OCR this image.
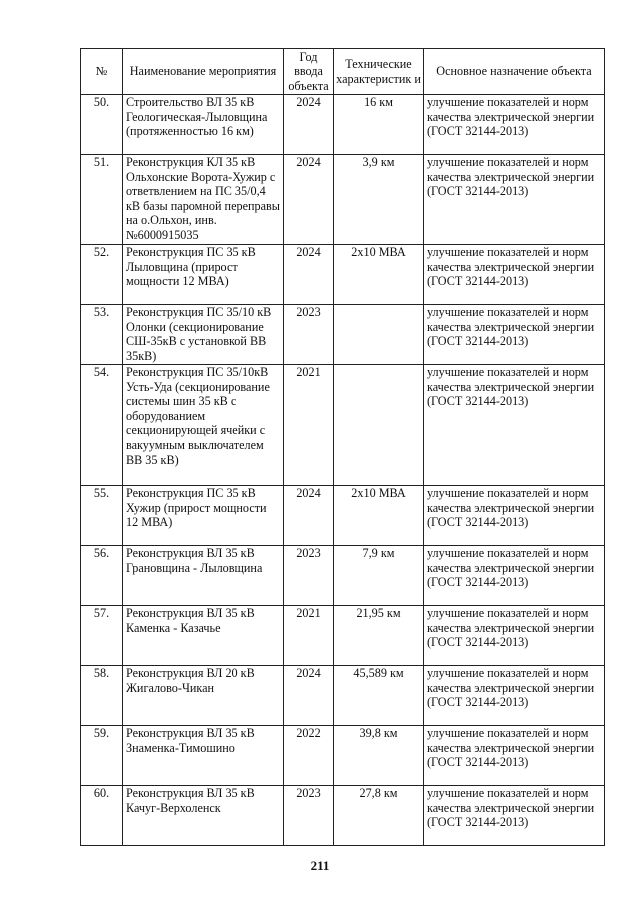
№	Наименование мероприятия	Год ввода объекта	Технические характеристик и	Основное назначение объекта
50.	Строительство ВЛ 35 кВ Геологическая-Лыловщина (протяженностью 16 км)	2024	16 км	улучшение показателей и норм качества электрической энергии (ГОСТ 32144-2013)
51.	Реконструкция КЛ 35 кВ Ольхонские Ворота-Хужир с ответвлением на ПС 35/0,4 кВ базы паромной переправы на о.Ольхон, инв. №6000915035	2024	3,9 км	улучшение показателей и норм качества электрической энергии (ГОСТ 32144-2013)
52.	Реконструкция ПС 35 кВ Лыловщина (прирост мощности 12 МВА)	2024	2х10 МВА	улучшение показателей и норм качества электрической энергии (ГОСТ 32144-2013)
53.	Реконструкция ПС 35/10 кВ Олонки (секционирование СШ-35кВ с установкой ВВ 35кВ)	2023		улучшение показателей и норм качества электрической энергии (ГОСТ 32144-2013)
54.	Реконструкция ПС 35/10кВ Усть-Уда (секционирование системы шин 35 кВ с оборудованием секционирующей ячейки с вакуумным выключателем ВВ 35 кВ)	2021		улучшение показателей и норм качества электрической энергии (ГОСТ 32144-2013)
55.	Реконструкция ПС 35 кВ Хужир (прирост мощности 12 МВА)	2024	2х10 МВА	улучшение показателей и норм качества электрической энергии (ГОСТ 32144-2013)
56.	Реконструкция ВЛ 35 кВ Грановщина - Лыловщина	2023	7,9 км	улучшение показателей и норм качества электрической энергии (ГОСТ 32144-2013)
57.	Реконструкция ВЛ 35 кВ Каменка - Казачье	2021	21,95 км	улучшение показателей и норм качества электрической энергии (ГОСТ 32144-2013)
58.	Реконструкция ВЛ 20 кВ Жигалово-Чикан	2024	45,589 км	улучшение показателей и норм качества электрической энергии (ГОСТ 32144-2013)
59.	Реконструкция ВЛ 35 кВ Знаменка-Тимошино	2022	39,8 км	улучшение показателей и норм качества электрической энергии (ГОСТ 32144-2013)
60.	Реконструкция ВЛ 35 кВ Качуг-Верхоленск	2023	27,8 км	улучшение показателей и норм качества электрической энергии (ГОСТ 32144-2013)
211
